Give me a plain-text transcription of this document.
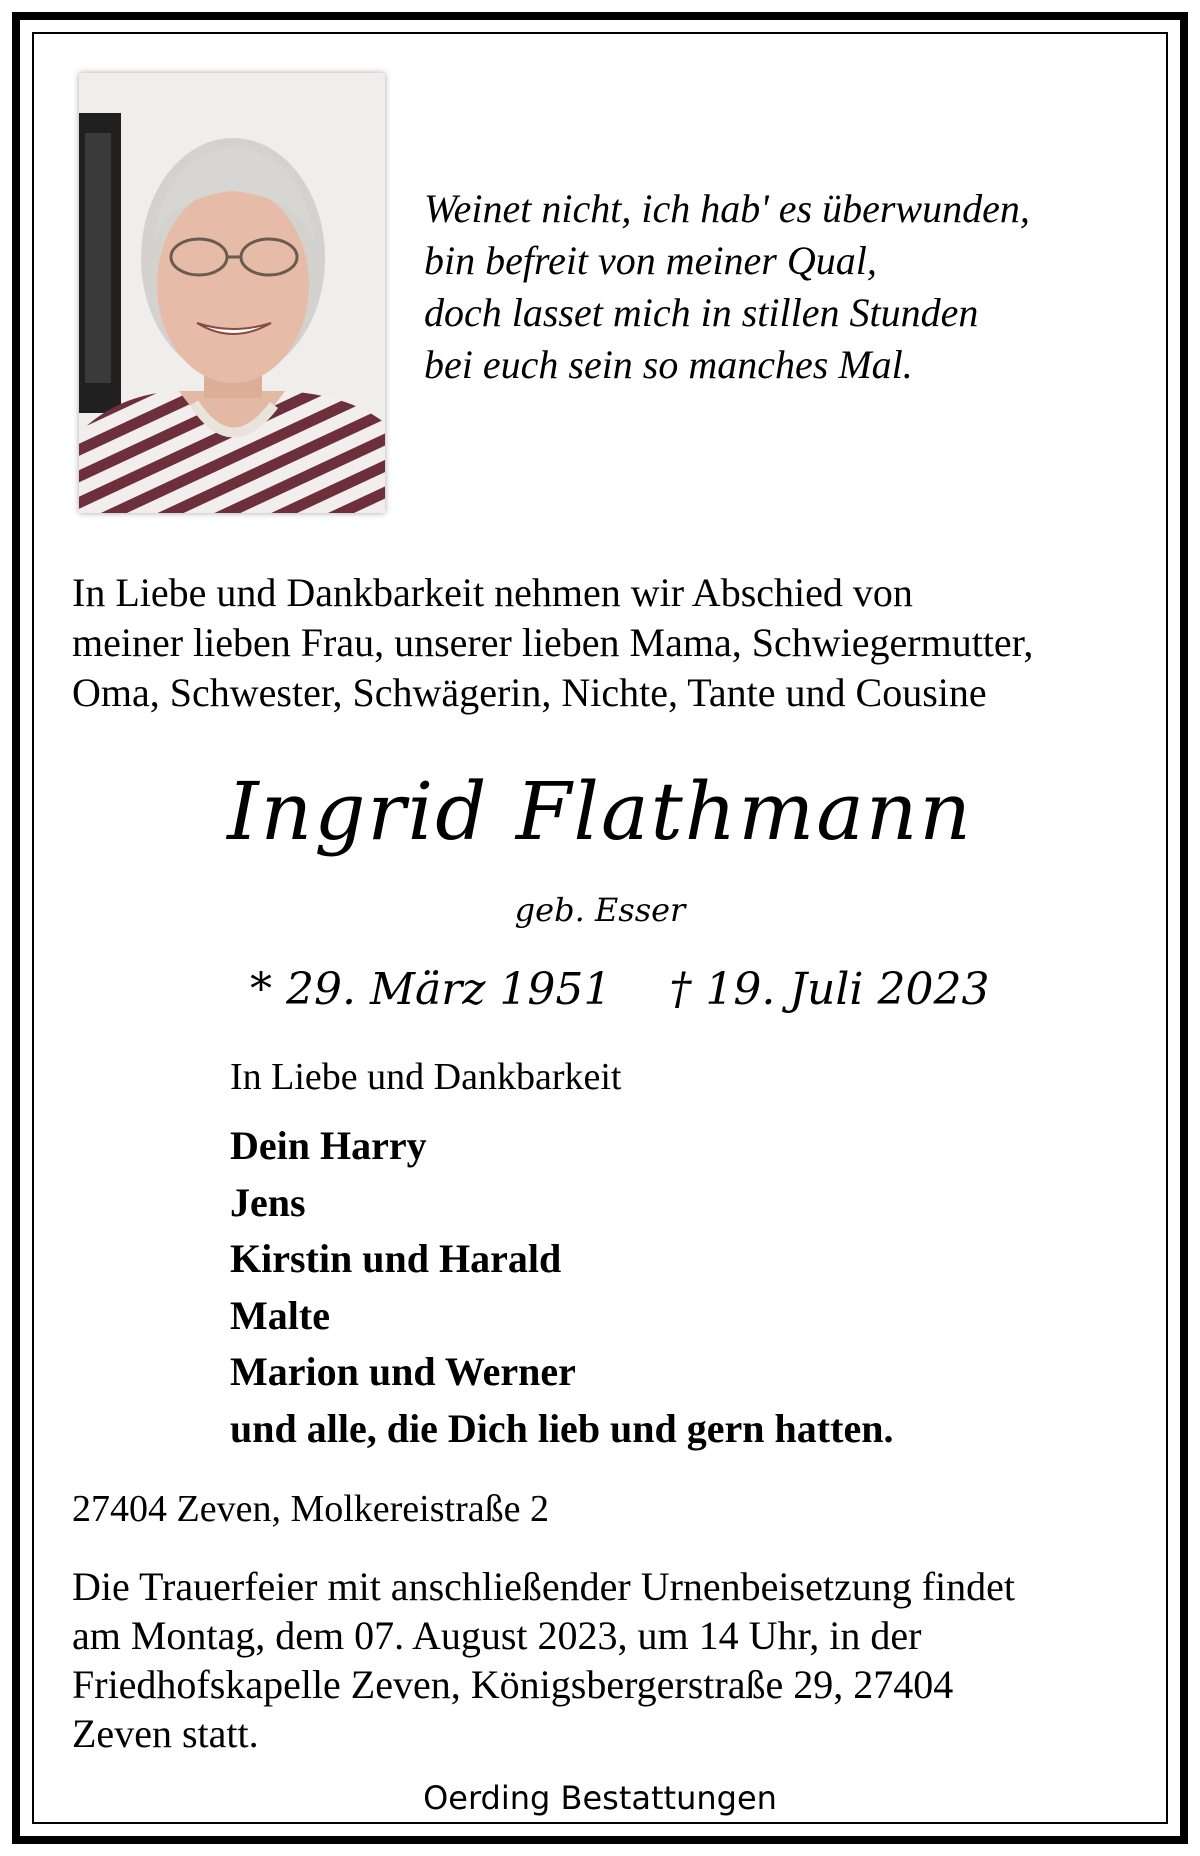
Weinet nicht, ich hab' es überwunden,
bin befreit von meiner Qual,
doch lasset mich in stillen Stunden
bei euch sein so manches Mal.
In Liebe und Dankbarkeit nehmen wir Abschied von
meiner lieben Frau, unserer lieben Mama, Schwiegermutter,
Oma, Schwester, Schwägerin, Nichte, Tante und Cousine
Ingrid Flathmann
geb. Esser
* 29. März 1951 † 19. Juli 2023
In Liebe und Dankbarkeit
Dein Harry
Jens
Kirstin und Harald
Malte
Marion und Werner
und alle, die Dich lieb und gern hatten.
27404 Zeven, Molkereistraße 2
Die Trauerfeier mit anschließender Urnenbeisetzung findet
am Montag, dem 07. August 2023, um 14 Uhr, in der
Friedhofskapelle Zeven, Königsbergerstraße 29, 27404
Zeven statt.
Oerding Bestattungen
